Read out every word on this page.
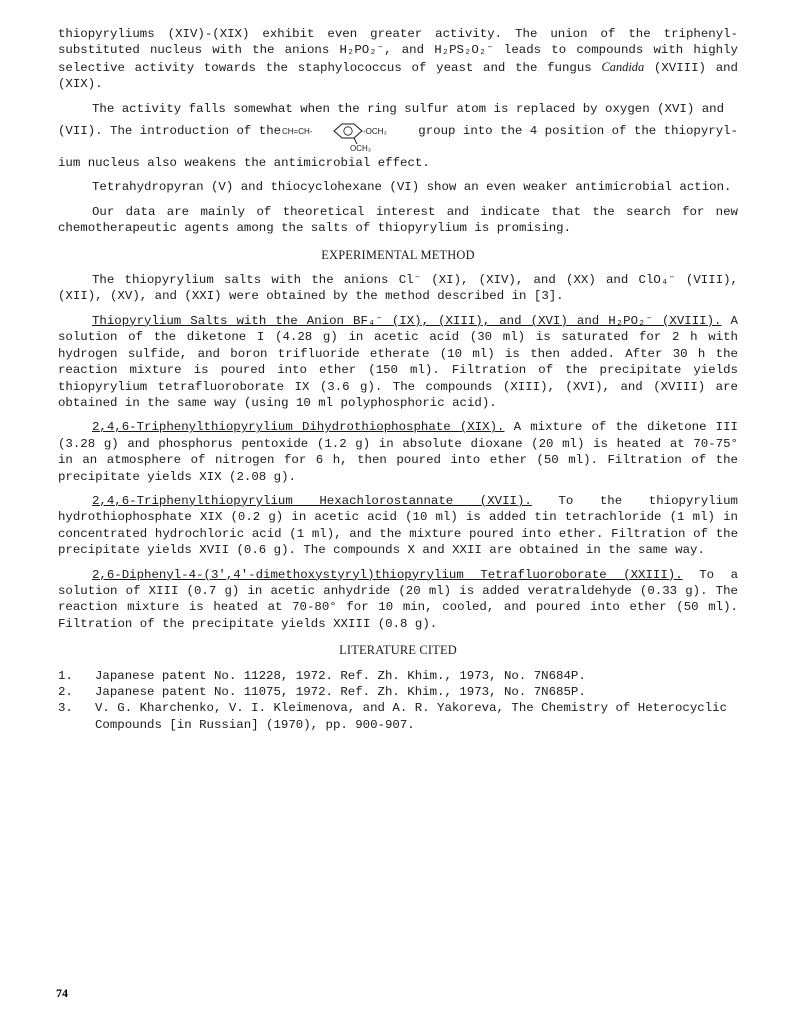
thiopyryliums (XIV)-(XIX) exhibit even greater activity. The union of the triphenyl-substituted nucleus with the anions H₂PO₂⁻, and H₂PS₂O₂⁻ leads to compounds with highly selective activity towards the staphylococcus of yeast and the fungus Candida (XVIII) and (XIX).

The activity falls somewhat when the ring sulfur atom is replaced by oxygen (XVI) and

(VII). The introduction of the CH=CH-	-OCH₃
OCH₃
group into the 4 position of the thiopyryl-

ium nucleus also weakens the antimicrobial effect.

Tetrahydropyran (V) and thiocyclohexane (VI) show an even weaker antimicrobial action.

Our data are mainly of theoretical interest and indicate that the search for new chemotherapeutic agents among the salts of thiopyrylium is promising.

EXPERIMENTAL METHOD

The thiopyrylium salts with the anions Cl⁻ (XI), (XIV), and (XX) and ClO₄⁻ (VIII), (XII), (XV), and (XXI) were obtained by the method described in [3].

Thiopyrylium Salts with the Anion BF₄⁻ (IX), (XIII), and (XVI) and H₂PO₂⁻ (XVIII). A solution of the diketone I (4.28 g) in acetic acid (30 ml) is saturated for 2 h with hydrogen sulfide, and boron trifluoride etherate (10 ml) is then added. After 30 h the reaction mixture is poured into ether (150 ml). Filtration of the precipitate yields thiopyrylium tetrafluoroborate IX (3.6 g). The compounds (XIII), (XVI), and (XVIII) are obtained in the same way (using 10 ml polyphosphoric acid).

2,4,6-Triphenylthiopyrylium Dihydrothiophosphate (XIX). A mixture of the diketone III (3.28 g) and phosphorus pentoxide (1.2 g) in absolute dioxane (20 ml) is heated at 70-75° in an atmosphere of nitrogen for 6 h, then poured into ether (50 ml). Filtration of the precipitate yields XIX (2.08 g).

2,4,6-Triphenylthiopyrylium Hexachlorostannate (XVII). To the thiopyrylium hydrothiophosphate XIX (0.2 g) in acetic acid (10 ml) is added tin tetrachloride (1 ml) in concentrated hydrochloric acid (1 ml), and the mixture poured into ether. Filtration of the precipitate yields XVII (0.6 g). The compounds X and XXII are obtained in the same way.

2,6-Diphenyl-4-(3',4'-dimethoxystyryl)thiopyrylium Tetrafluoroborate (XXIII). To a solution of XIII (0.7 g) in acetic anhydride (20 ml) is added veratraldehyde (0.33 g). The reaction mixture is heated at 70-80° for 10 min, cooled, and poured into ether (50 ml). Filtration of the precipitate yields XXIII (0.8 g).

LITERATURE CITED
1.	Japanese patent No. 11228, 1972. Ref. Zh. Khim., 1973, No. 7N684P.
2.	Japanese patent No. 11075, 1972. Ref. Zh. Khim., 1973, No. 7N685P.
3.	V. G. Kharchenko, V. I. Kleimenova, and A. R. Yakoreva, The Chemistry of Heterocyclic Compounds [in Russian] (1970), pp. 900-907.
74
